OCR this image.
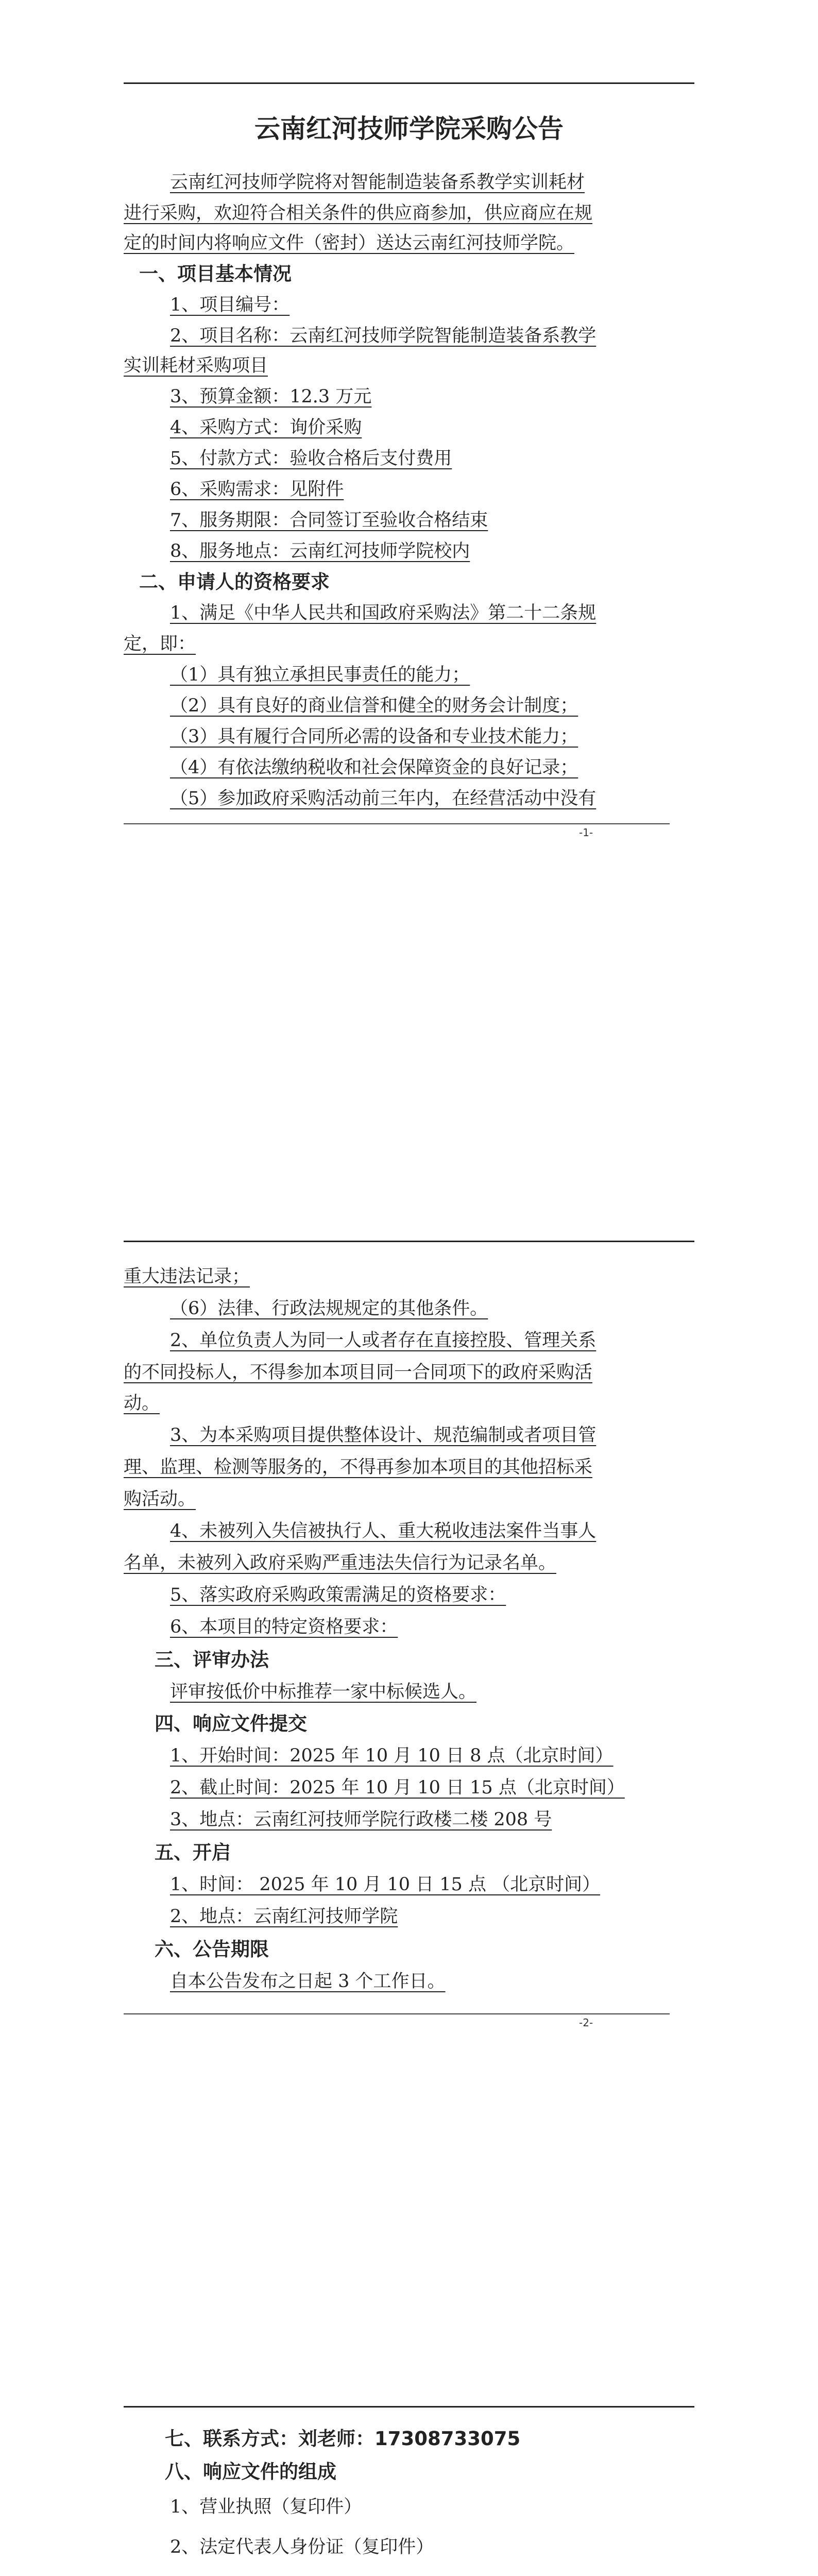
云南红河技师学院采购公告
云南红河技师学院将对智能制造装备系教学实训耗材
进行采购，欢迎符合相关条件的供应商参加，供应商应在规
定的时间内将响应文件（密封）送达云南红河技师学院。
一、项目基本情况
1、项目编号：
2、项目名称：云南红河技师学院智能制造装备系教学
实训耗材采购项目
3、预算金额：12.3 万元
4、采购方式：询价采购
5、付款方式：验收合格后支付费用
6、采购需求：见附件
7、服务期限：合同签订至验收合格结束
8、服务地点：云南红河技师学院校内
二、申请人的资格要求
1、满足《中华人民共和国政府采购法》第二十二条规
定，即：
（1）具有独立承担民事责任的能力；
（2）具有良好的商业信誉和健全的财务会计制度；
（3）具有履行合同所必需的设备和专业技术能力；
（4）有依法缴纳税收和社会保障资金的良好记录；
（5）参加政府采购活动前三年内，在经营活动中没有
-1-
重大违法记录；
（6）法律、行政法规规定的其他条件。
2、单位负责人为同一人或者存在直接控股、管理关系
的不同投标人，不得参加本项目同一合同项下的政府采购活
动。
3、为本采购项目提供整体设计、规范编制或者项目管
理、监理、检测等服务的，不得再参加本项目的其他招标采
购活动。
4、未被列入失信被执行人、重大税收违法案件当事人
名单，未被列入政府采购严重违法失信行为记录名单。
5、落实政府采购政策需满足的资格要求：
6、本项目的特定资格要求：
三、评审办法
评审按低价中标推荐一家中标候选人。
四、响应文件提交
1、开始时间：2025 年 10 月 10 日 8 点（北京时间）
2、截止时间：2025 年 10 月 10 日 15 点（北京时间）
3、地点：云南红河技师学院行政楼二楼 208 号
五、开启
1、时间： 2025 年 10 月 10 日 15 点 （北京时间）
2、地点：云南红河技师学院
六、公告期限
自本公告发布之日起 3 个工作日。
-2-
七、联系方式：刘老师：17308733075
八、响应文件的组成
1、营业执照（复印件）
2、法定代表人身份证（复印件）
